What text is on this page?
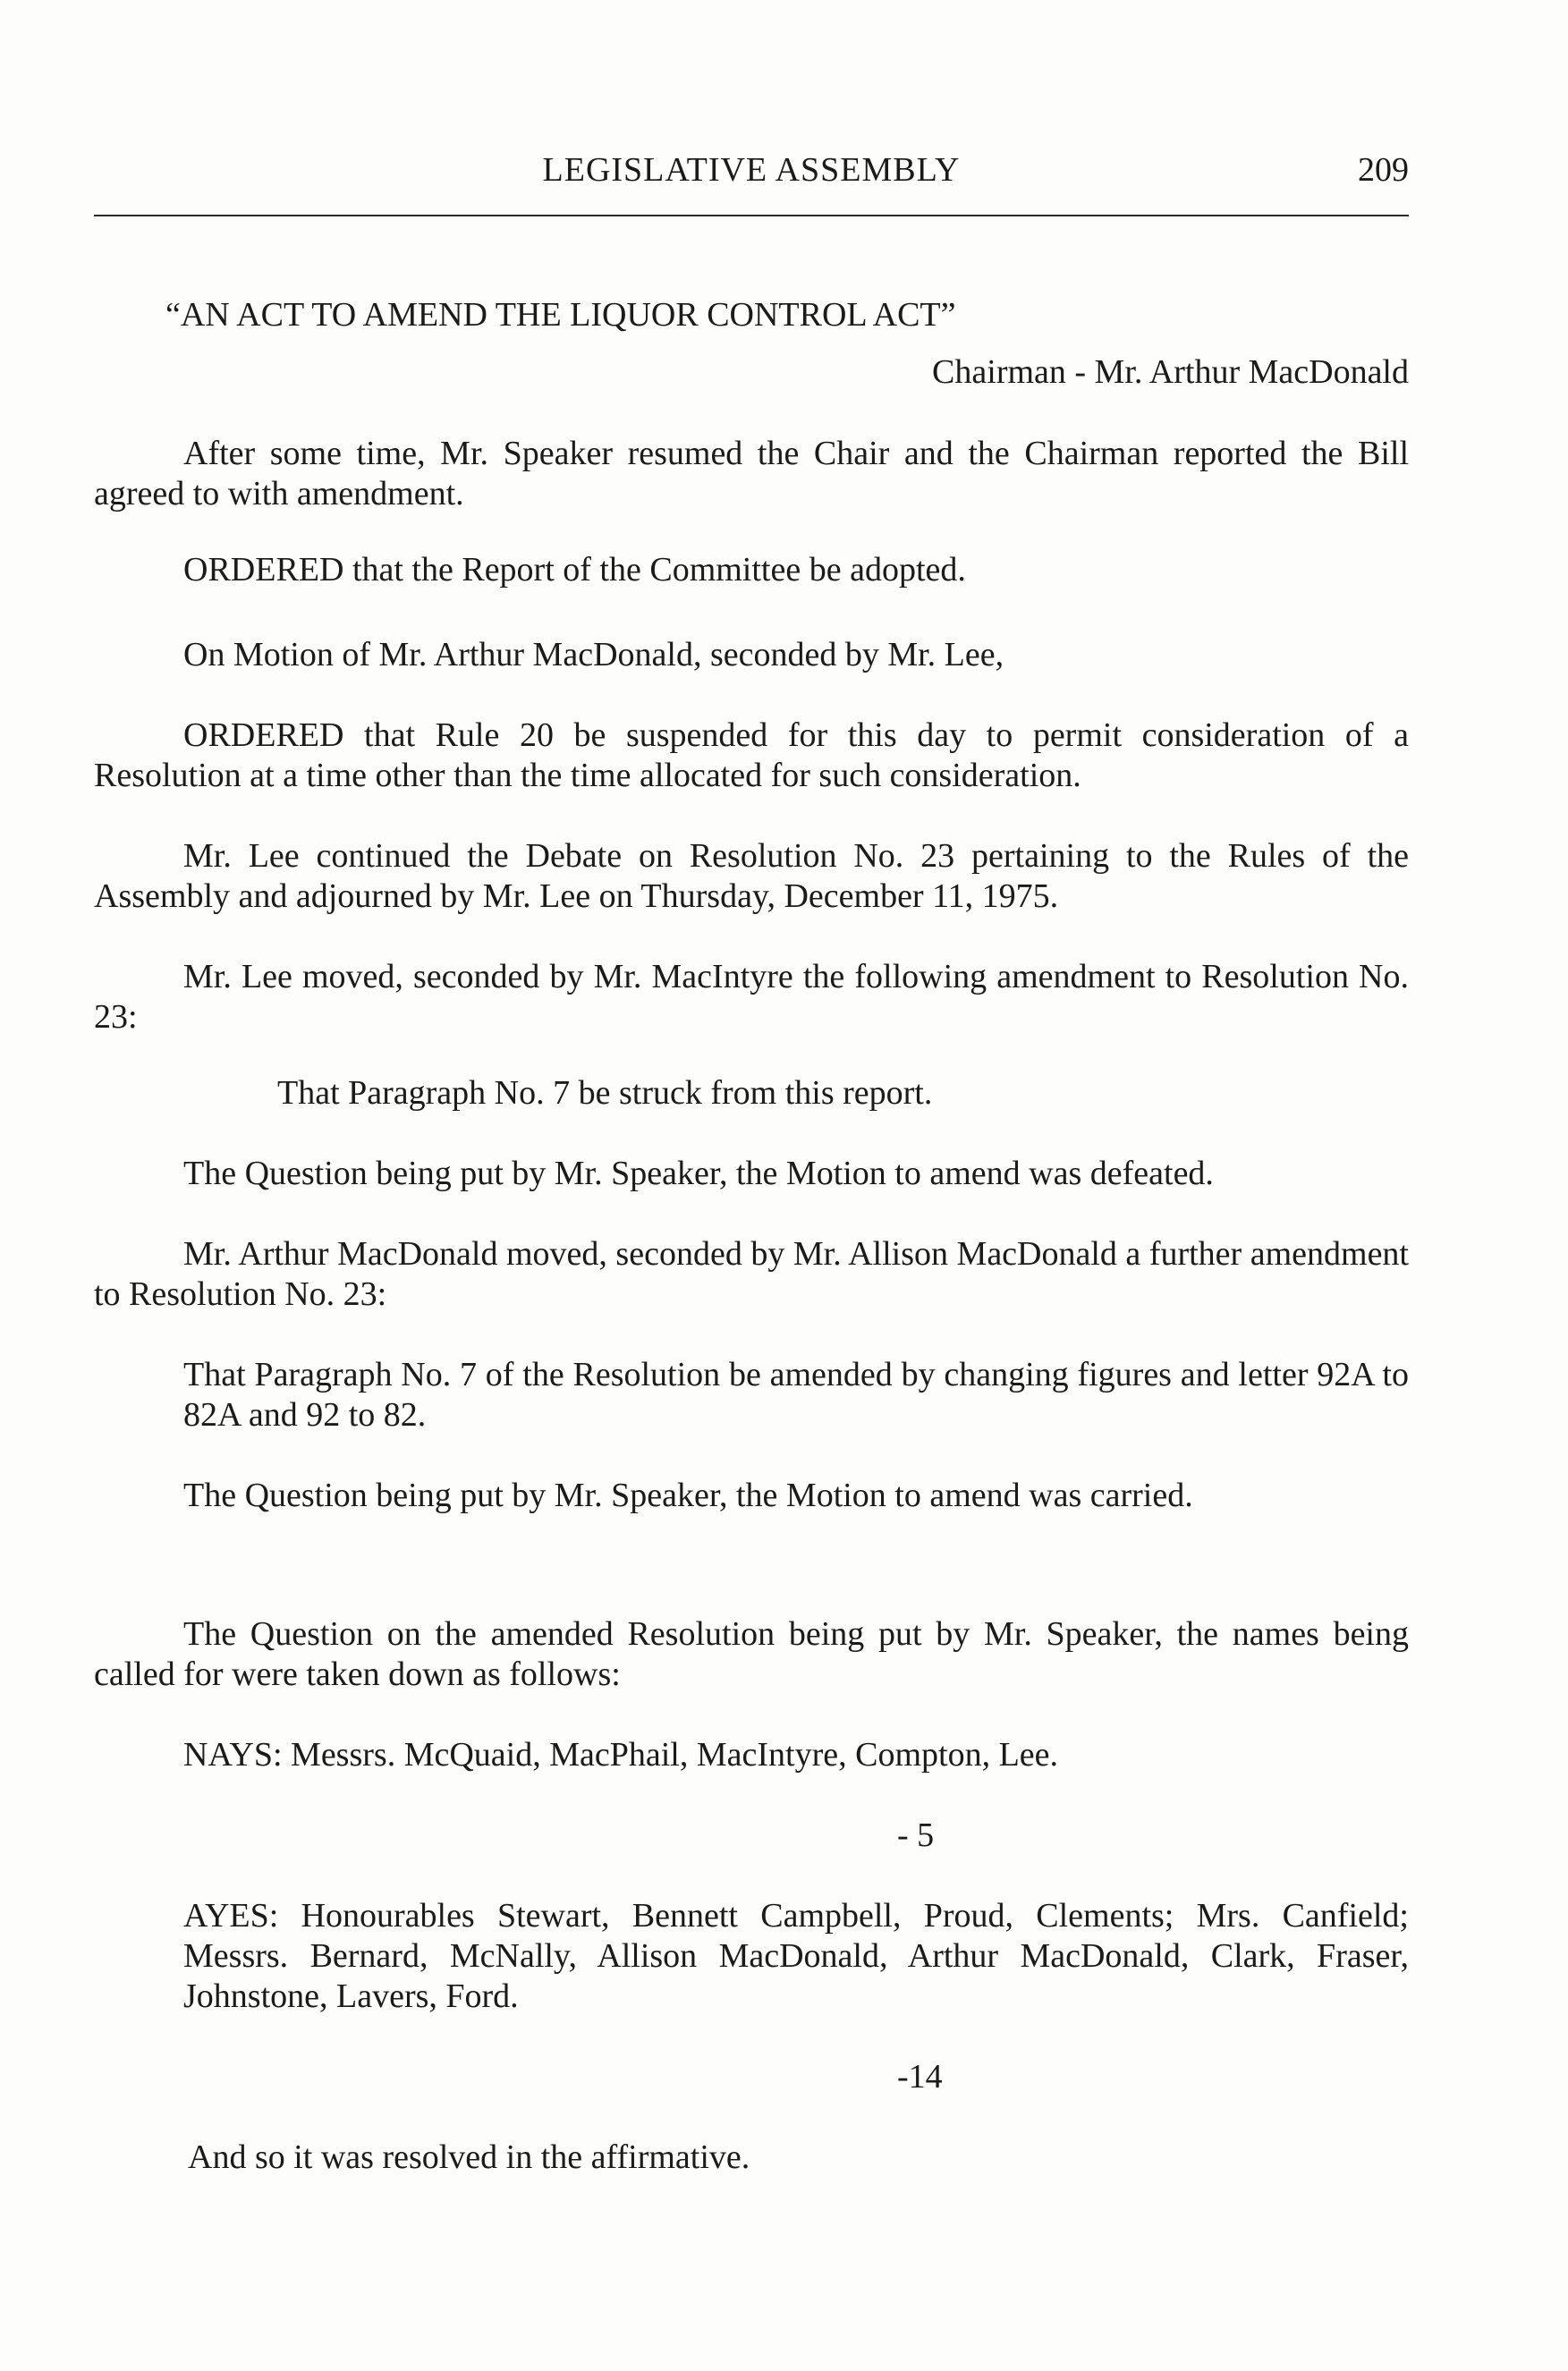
LEGISLATIVE ASSEMBLY	209

“AN ACT TO AMEND THE LIQUOR CONTROL ACT”

Chairman - Mr. Arthur MacDonald

After some time, Mr. Speaker resumed the Chair and the Chairman reported the Bill agreed to with amendment.

ORDERED that the Report of the Committee be adopted.

On Motion of Mr. Arthur MacDonald, seconded by Mr. Lee,

ORDERED that Rule 20 be suspended for this day to permit consideration of a Resolution at a time other than the time allocated for such consideration.

Mr. Lee continued the Debate on Resolution No. 23 pertaining to the Rules of the Assembly and adjourned by Mr. Lee on Thursday, December 11, 1975.

Mr. Lee moved, seconded by Mr. MacIntyre the following amendment to Resolution No. 23:

That Paragraph No. 7 be struck from this report.

The Question being put by Mr. Speaker, the Motion to amend was defeated.

Mr. Arthur MacDonald moved, seconded by Mr. Allison MacDonald a further amendment to Resolution No. 23:

That Paragraph No. 7 of the Resolution be amended by changing figures and letter 92A to 82A and 92 to 82.

The Question being put by Mr. Speaker, the Motion to amend was carried.

The Question on the amended Resolution being put by Mr. Speaker, the names being called for were taken down as follows:

NAYS: Messrs. McQuaid, MacPhail, MacIntyre, Compton, Lee.

- 5

AYES: Honourables Stewart, Bennett Campbell, Proud, Clements; Mrs. Canfield; Messrs. Bernard, McNally, Allison MacDonald, Arthur MacDonald, Clark, Fraser, Johnstone, Lavers, Ford.

-14

And so it was resolved in the affirmative.
